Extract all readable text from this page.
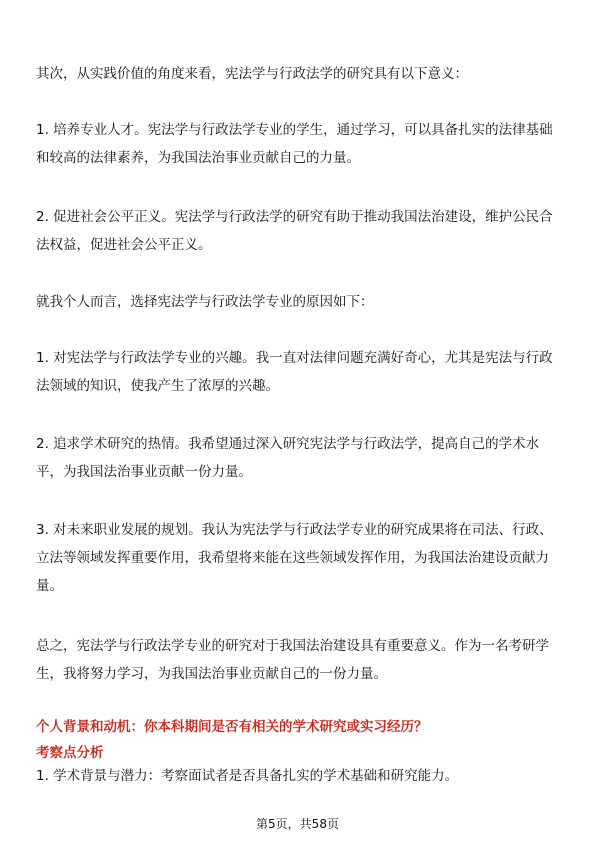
其次，从实践价值的角度来看，宪法学与行政法学的研究具有以下意义：

1. 培养专业人才。宪法学与行政法学专业的学生，通过学习，可以具备扎实的法律基础和较高的法律素养，为我国法治事业贡献自己的力量。

2. 促进社会公平正义。宪法学与行政法学的研究有助于推动我国法治建设，维护公民合法权益，促进社会公平正义。

就我个人而言，选择宪法学与行政法学专业的原因如下：

1. 对宪法学与行政法学专业的兴趣。我一直对法律问题充满好奇心，尤其是宪法与行政法领域的知识，使我产生了浓厚的兴趣。

2. 追求学术研究的热情。我希望通过深入研究宪法学与行政法学，提高自己的学术水平，为我国法治事业贡献一份力量。

3. 对未来职业发展的规划。我认为宪法学与行政法学专业的研究成果将在司法、行政、立法等领域发挥重要作用，我希望将来能在这些领域发挥作用，为我国法治建设贡献力量。

总之，宪法学与行政法学专业的研究对于我国法治建设具有重要意义。作为一名考研学生，我将努力学习，为我国法治事业贡献自己的一份力量。

个人背景和动机：你本科期间是否有相关的学术研究或实习经历？

考察点分析

1. 学术背景与潜力：考察面试者是否具备扎实的学术基础和研究能力。

第5页，共58页
